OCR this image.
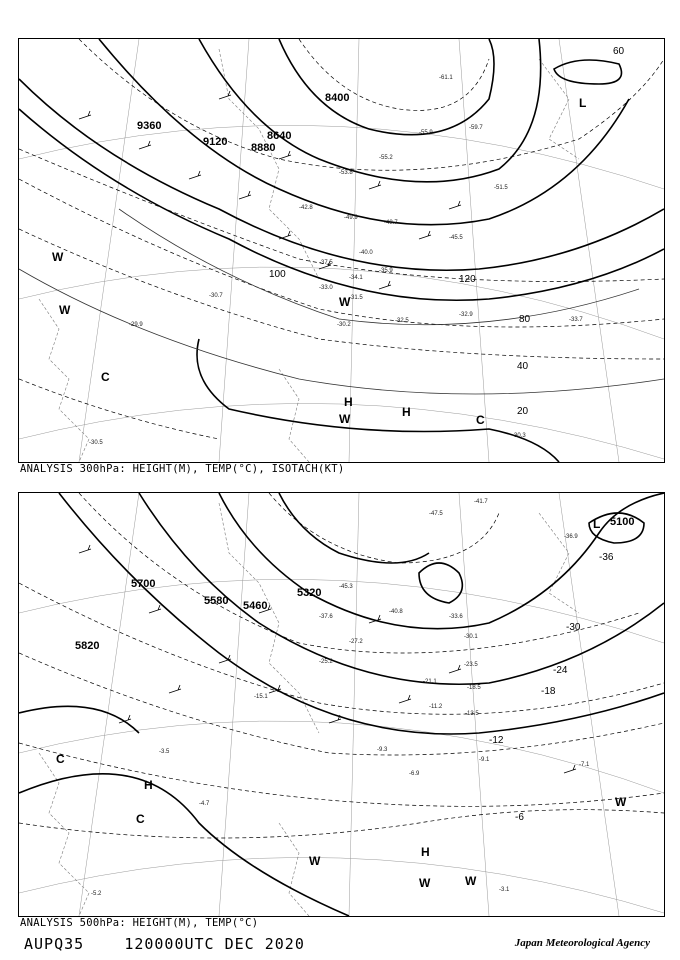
9360
9120 8880
8640
8400
20
40
60
80
100	120
-61.1
-59.7
-55.9
-55.2
-53.8
-51.5
-49.9
-48.7
-45.5
-42.8
-40.0
-37.5
-35.9
-34.1
-33.0
-32.5
-31.5
-30.7
-30.2
-30.5
-29.9
-33.7
-32.9
-30.3
H
H
L
W
W
W
W
C
C
ANALYSIS 300hPa: HEIGHT(M), TEMP(°C), ISOTACH(KT)
5700
5580 5460
5320
5100
5820
-36
-30
-24
-18
-12
-6
-47.5
-41.7
-40.8
-45.3
-37.6
-36.9
-33.6
-30.1
-27.2
-25.2	-23.5
-21.1
-18.5
-15.1
-13.5
-11.2
-9.3
-9.1
-7.1
-6.9
-4.7
-3.5
-3.1
-5.2
H
H
L
W
W	W
W
C
C
ANALYSIS 500hPa: HEIGHT(M), TEMP(°C)
AUPQ35	120000UTC DEC 2020	Japan Meteorological Agency
